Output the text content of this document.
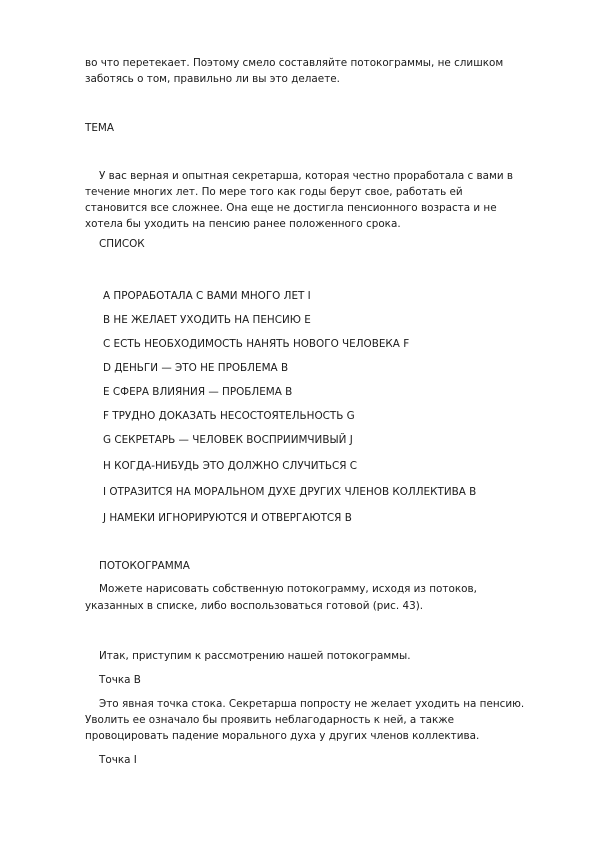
во что перетекает. Поэтому смело составляйте потокограммы, не слишком
заботясь о том, правильно ли вы это делаете.
ТЕМА
У вас верная и опытная секретарша, которая честно проработала с вами в
течение многих лет. По мере того как годы берут свое, работать ей
становится все сложнее. Она еще не достигла пенсионного возраста и не
хотела бы уходить на пенсию ранее положенного срока.
СПИСОК
A ПРОРАБОТАЛА С ВАМИ МНОГО ЛЕТ I
B НЕ ЖЕЛАЕТ УХОДИТЬ НА ПЕНСИЮ E
C ЕСТЬ НЕОБХОДИМОСТЬ НАНЯТЬ НОВОГО ЧЕЛОВЕКА F
D ДЕНЬГИ — ЭТО НЕ ПРОБЛЕМА B
E СФЕРА ВЛИЯНИЯ — ПРОБЛЕМА B
F ТРУДНО ДОКАЗАТЬ НЕСОСТОЯТЕЛЬНОСТЬ G
G СЕКРЕТАРЬ — ЧЕЛОВЕК ВОСПРИИМЧИВЫЙ J
H КОГДА-НИБУДЬ ЭТО ДОЛЖНО СЛУЧИТЬСЯ C
I ОТРАЗИТСЯ НА МОРАЛЬНОМ ДУХЕ ДРУГИХ ЧЛЕНОВ КОЛЛЕКТИВА B
J НАМЕКИ ИГНОРИРУЮТСЯ И ОТВЕРГАЮТСЯ B
ПОТОКОГРАММА
Можете нарисовать собственную потокограмму, исходя из потоков,
указанных в списке, либо воспользоваться готовой (рис. 43).
Итак, приступим к рассмотрению нашей потокограммы.
Точка B
Это явная точка стока. Секретарша попросту не желает уходить на пенсию.
Уволить ее означало бы проявить неблагодарность к ней, а также
провоцировать падение морального духа у других членов коллектива.
Точка I
